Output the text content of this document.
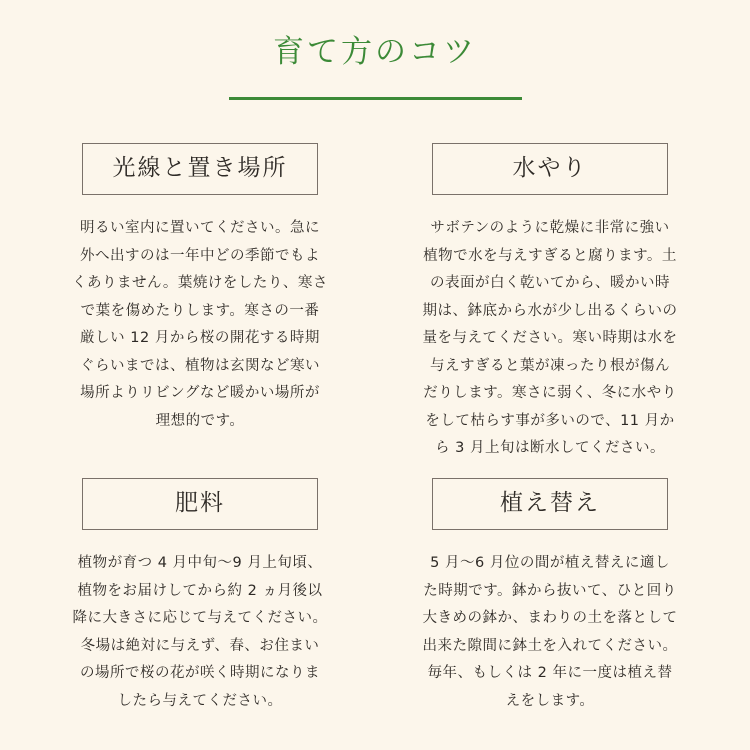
育て方のコツ
光線と置き場所
明るい室内に置いてください。急に
外へ出すのは一年中どの季節でもよ
くありません。葉焼けをしたり、寒さ
で葉を傷めたりします。寒さの一番
厳しい 12 月から桜の開花する時期
ぐらいまでは、植物は玄関など寒い
場所よりリビングなど暖かい場所が
理想的です。
水やり
サボテンのように乾燥に非常に強い
植物で水を与えすぎると腐ります。土
の表面が白く乾いてから、暖かい時
期は、鉢底から水が少し出るくらいの
量を与えてください。寒い時期は水を
与えすぎると葉が凍ったり根が傷ん
だりします。寒さに弱く、冬に水やり
をして枯らす事が多いので、11 月か
ら 3 月上旬は断水してください。
肥料
植物が育つ 4 月中旬～9 月上旬頃、
植物をお届けしてから約 2 ヵ月後以
降に大きさに応じて与えてください。
冬場は絶対に与えず、春、お住まい
の場所で桜の花が咲く時期になりま
したら与えてください。
植え替え
5 月～6 月位の間が植え替えに適し
た時期です。鉢から抜いて、ひと回り
大きめの鉢か、まわりの土を落として
出来た隙間に鉢土を入れてください。
毎年、もしくは 2 年に一度は植え替
えをします。
